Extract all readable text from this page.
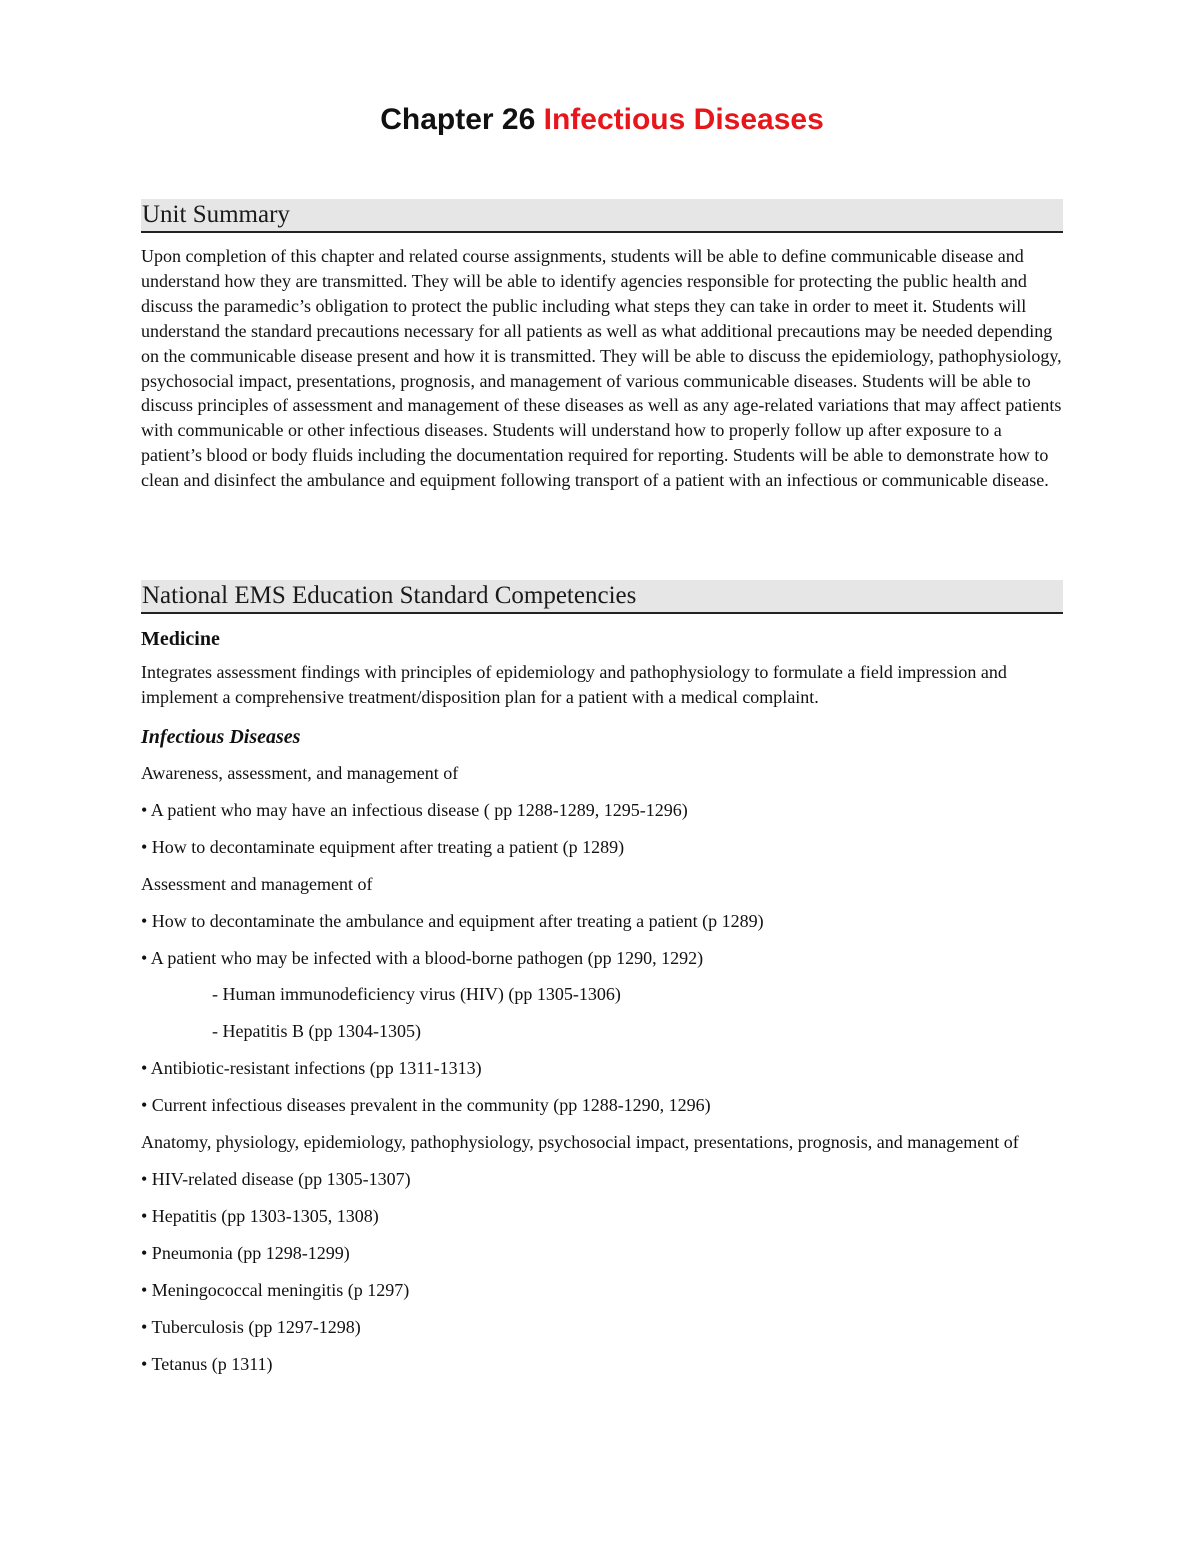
Chapter 26 Infectious Diseases
Unit Summary

Upon completion of this chapter and related course assignments, students will be able to define communicable disease and understand how they are transmitted. They will be able to identify agencies responsible for protecting the public health and discuss the paramedic’s obligation to protect the public including what steps they can take in order to meet it. Students will understand the standard precautions necessary for all patients as well as what additional precautions may be needed depending on the communicable disease present and how it is transmitted. They will be able to discuss the epidemiology, pathophysiology, psychosocial impact, presentations, prognosis, and management of various communicable diseases. Students will be able to discuss principles of assessment and management of these diseases as well as any age-related variations that may affect patients with communicable or other infectious diseases. Students will understand how to properly follow up after exposure to a patient’s blood or body fluids including the documentation required for reporting. Students will be able to demonstrate how to clean and disinfect the ambulance and equipment following transport of a patient with an infectious or communicable disease.

National EMS Education Standard Competencies
Medicine

Integrates assessment findings with principles of epidemiology and pathophysiology to formulate a field impression and implement a comprehensive treatment/disposition plan for a patient with a medical complaint.

Infectious Diseases

Awareness, assessment, and management of

• A patient who may have an infectious disease ( pp 1288-1289, 1295-1296)

• How to decontaminate equipment after treating a patient (p 1289)

Assessment and management of

• How to decontaminate the ambulance and equipment after treating a patient (p 1289)

• A patient who may be infected with a blood-borne pathogen (pp 1290, 1292)

- Human immunodeficiency virus (HIV) (pp 1305-1306)

- Hepatitis B (pp 1304-1305)

• Antibiotic-resistant infections (pp 1311-1313)

• Current infectious diseases prevalent in the community (pp 1288-1290, 1296)

Anatomy, physiology, epidemiology, pathophysiology, psychosocial impact, presentations, prognosis, and management of

• HIV-related disease (pp 1305-1307)

• Hepatitis (pp 1303-1305, 1308)

• Pneumonia (pp 1298-1299)

• Meningococcal meningitis (p 1297)

• Tuberculosis (pp 1297-1298)

• Tetanus (p 1311)
